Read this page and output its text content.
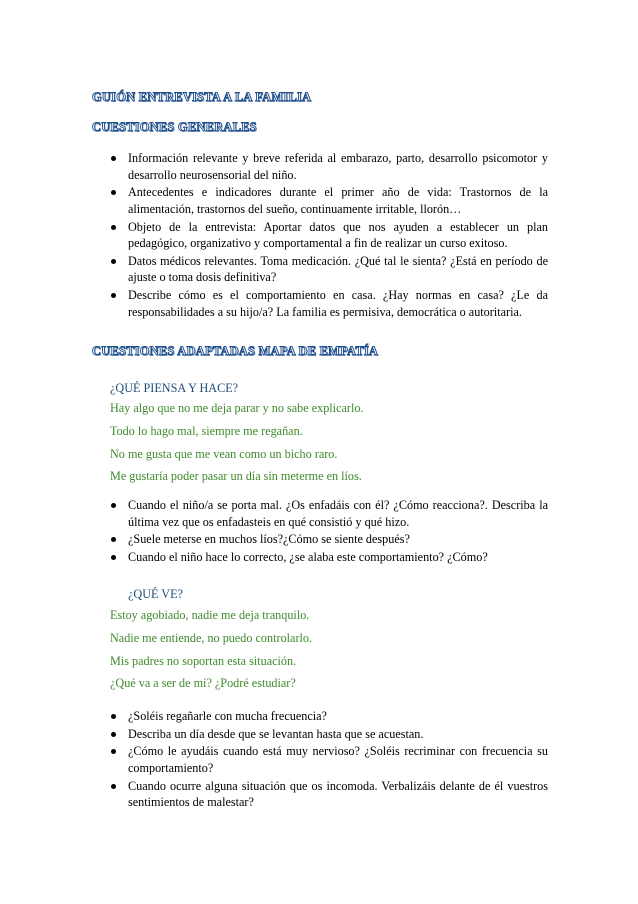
GUIÓN ENTREVISTA A LA FAMILIA
CUESTIONES GENERALES
Información relevante y breve referida al embarazo, parto, desarrollo psicomotor y desarrollo neurosensorial del niño.
Antecedentes e indicadores durante el primer año de vida: Trastornos de la alimentación, trastornos del sueño, continuamente irritable, llorón…
Objeto de la entrevista: Aportar datos que nos ayuden a establecer un plan pedagógico, organizativo y comportamental a fin de realizar un curso exitoso.
Datos médicos relevantes. Toma medicación. ¿Qué tal le sienta? ¿Está en período de ajuste o toma dosis definitiva?
Describe cómo es el comportamiento en casa. ¿Hay normas en casa? ¿Le da responsabilidades a su hijo/a? La familia es permisiva, democrática o autoritaria.
CUESTIONES ADAPTADAS MAPA DE EMPATÍA
¿QUÉ PIENSA Y HACE?
Hay algo que no me deja parar y no sabe explicarlo.
Todo lo hago mal, siempre me regañan.
No me gusta que me vean como un bicho raro.
Me gustaría poder pasar un día sin meterme en líos.
Cuando el niño/a se porta mal. ¿Os enfadáis con él? ¿Cómo reacciona?. Describa la última vez que os enfadasteis en qué consistió y qué hizo.
¿Suele meterse en muchos líos?¿Cómo se siente después?
Cuando el niño hace lo correcto, ¿se alaba este comportamiento? ¿Cómo?
¿QUÉ VE?
Estoy agobiado, nadie me deja tranquilo.
Nadie me entiende, no puedo controlarlo.
Mis padres no soportan esta situación.
¿Qué va a ser de mí? ¿Podré estudiar?
¿Soléis regañarle con mucha frecuencia?
Describa un día desde que se levantan hasta que se acuestan.
¿Cómo le ayudáis cuando está muy nervioso? ¿Soléis recriminar con frecuencia su comportamiento?
Cuando ocurre alguna situación que os incomoda. Verbalizáis delante de él vuestros sentimientos de malestar?
